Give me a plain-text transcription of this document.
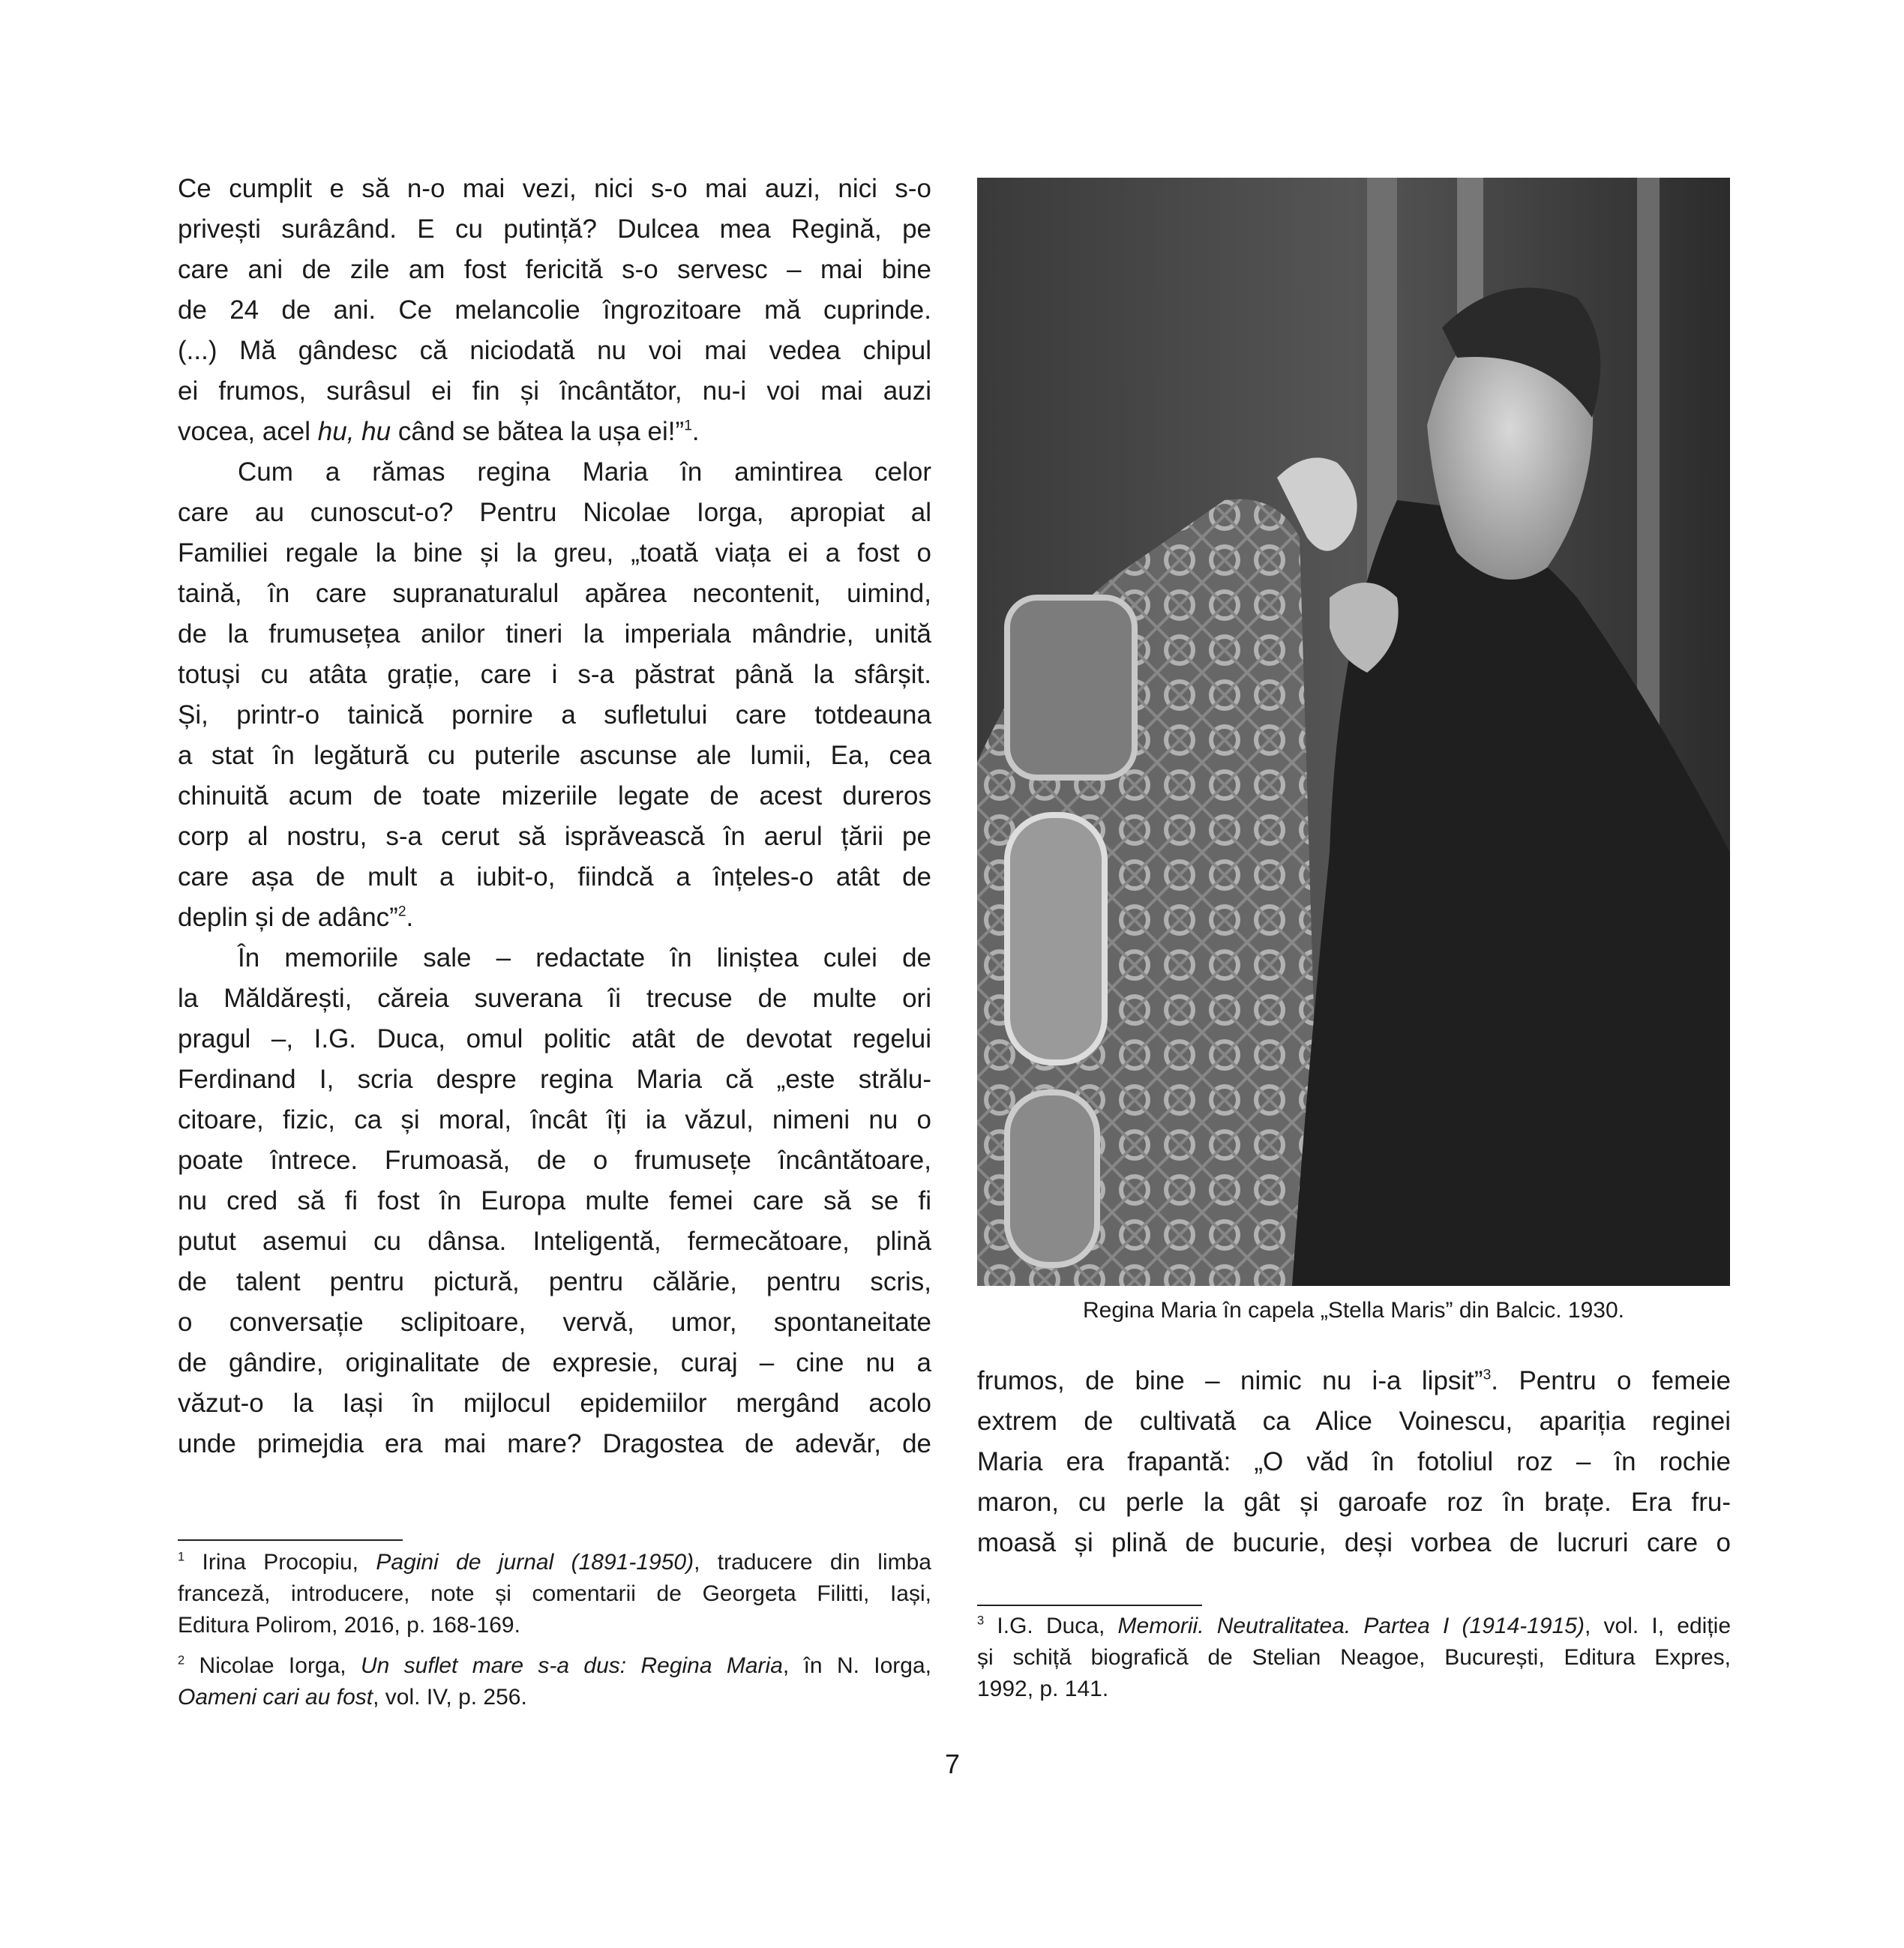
Ce cumplit e să n-o mai vezi, nici s-o mai auzi, nici s-o
privești surâzând. E cu putință? Dulcea mea Regină, pe
care ani de zile am fost fericită s-o servesc – mai bine
de 24 de ani. Ce melancolie îngrozitoare mă cuprinde.
(...) Mă gândesc că niciodată nu voi mai vedea chipul
ei frumos, surâsul ei fin și încântător, nu-i voi mai auzi
vocea, acel hu, hu când se bătea la ușa ei!”$^1$.
Cum a rămas regina Maria în amintirea celor
care au cunoscut-o? Pentru Nicolae Iorga, apropiat al
Familiei regale la bine și la greu, „toată viața ei a fost o
taină, în care supranaturalul apărea necontenit, uimind,
de la frumusețea anilor tineri la imperiala mândrie, unită
totuși cu atâta grație, care i s-a păstrat până la sfârșit.
Și, printr-o tainică pornire a sufletului care totdeauna
a stat în legătură cu puterile ascunse ale lumii, Ea, cea
chinuită acum de toate mizeriile legate de acest dureros
corp al nostru, s-a cerut să isprăvească în aerul țării pe
care așa de mult a iubit-o, fiindcă a înțeles-o atât de
deplin și de adânc”$^2$.
În memoriile sale – redactate în liniștea culei de
la Măldărești, căreia suverana îi trecuse de multe ori
pragul –, I.G. Duca, omul politic atât de devotat regelui
Ferdinand I, scria despre regina Maria că „este strălu-
citoare, fizic, ca și moral, încât îți ia văzul, nimeni nu o
poate întrece. Frumoasă, de o frumusețe încântătoare,
nu cred să fi fost în Europa multe femei care să se fi
putut asemui cu dânsa. Inteligentă, fermecătoare, plină
de talent pentru pictură, pentru călărie, pentru scris,
o conversație sclipitoare, vervă, umor, spontaneitate
de gândire, originalitate de expresie, curaj – cine nu a
văzut-o la Iași în mijlocul epidemiilor mergând acolo
unde primejdia era mai mare? Dragostea de adevăr, de
Regina Maria în capela „Stella Maris” din Balcic. 1930.
frumos, de bine – nimic nu i-a lipsit”$^3$. Pentru o femeie
extrem de cultivată ca Alice Voinescu, apariția reginei
Maria era frapantă: „O văd în fotoliul roz – în rochie
maron, cu perle la gât și garoafe roz în brațe. Era fru-
moasă și plină de bucurie, deși vorbea de lucruri care o
$^1$ Irina Procopiu, Pagini de jurnal (1891-1950), traducere din limba
franceză, introducere, note și comentarii de Georgeta Filitti, Iași,
Editura Polirom, 2016, p. 168-169.
$^2$ Nicolae Iorga, Un suflet mare s-a dus: Regina Maria, în N. Iorga,
Oameni cari au fost, vol. IV, p. 256.
$^3$ I.G. Duca, Memorii. Neutralitatea. Partea I (1914-1915), vol. I, ediție
și schiță biografică de Stelian Neagoe, București, Editura Expres,
1992, p. 141.
7
